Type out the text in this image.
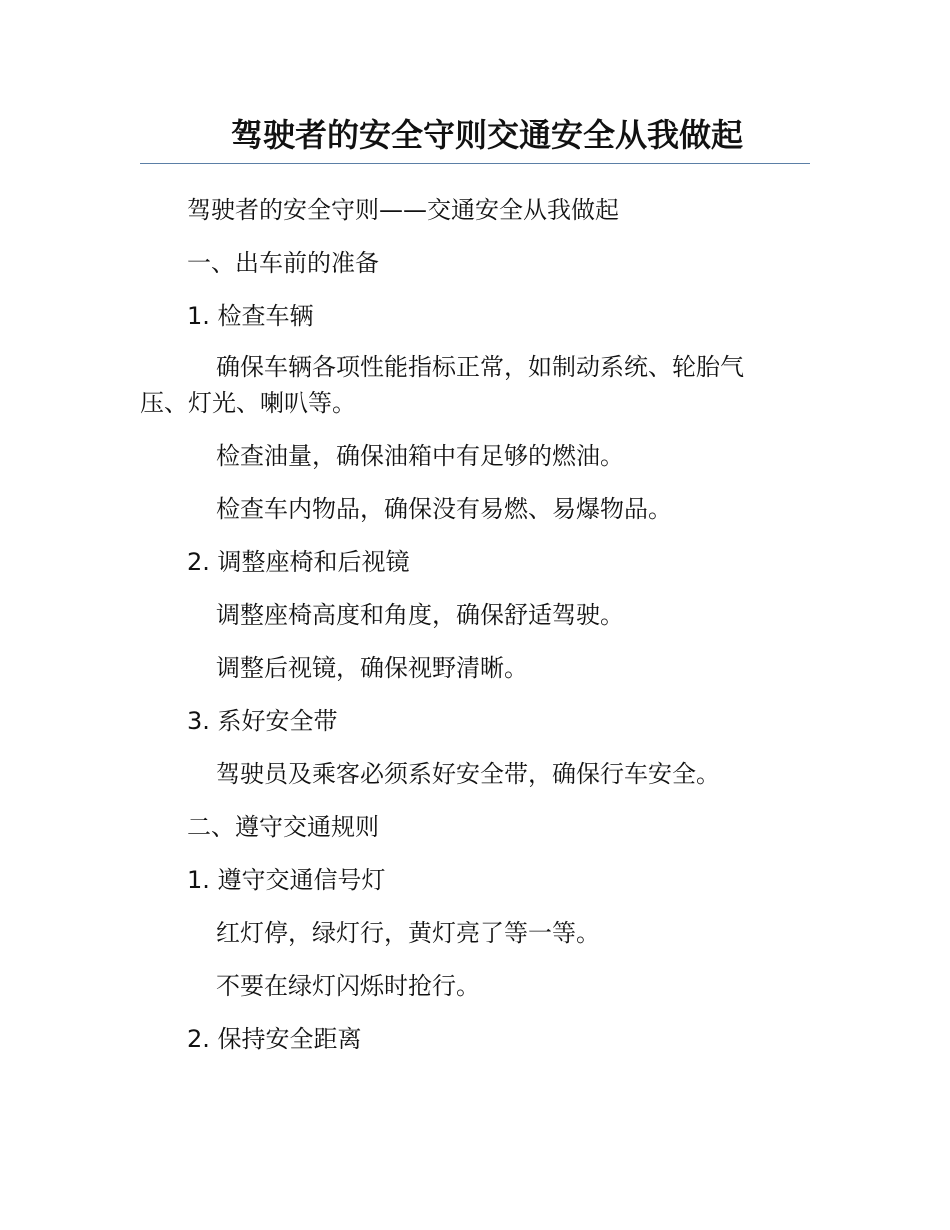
驾驶者的安全守则交通安全从我做起

驾驶者的安全守则——交通安全从我做起

一、出车前的准备

1. 检查车辆

确保车辆各项性能指标正常，如制动系统、轮胎气压、灯光、喇叭等。

检查油量，确保油箱中有足够的燃油。

检查车内物品，确保没有易燃、易爆物品。

2. 调整座椅和后视镜

调整座椅高度和角度，确保舒适驾驶。

调整后视镜，确保视野清晰。

3. 系好安全带

驾驶员及乘客必须系好安全带，确保行车安全。

二、遵守交通规则

1. 遵守交通信号灯

红灯停，绿灯行，黄灯亮了等一等。

不要在绿灯闪烁时抢行。

2. 保持安全距离
